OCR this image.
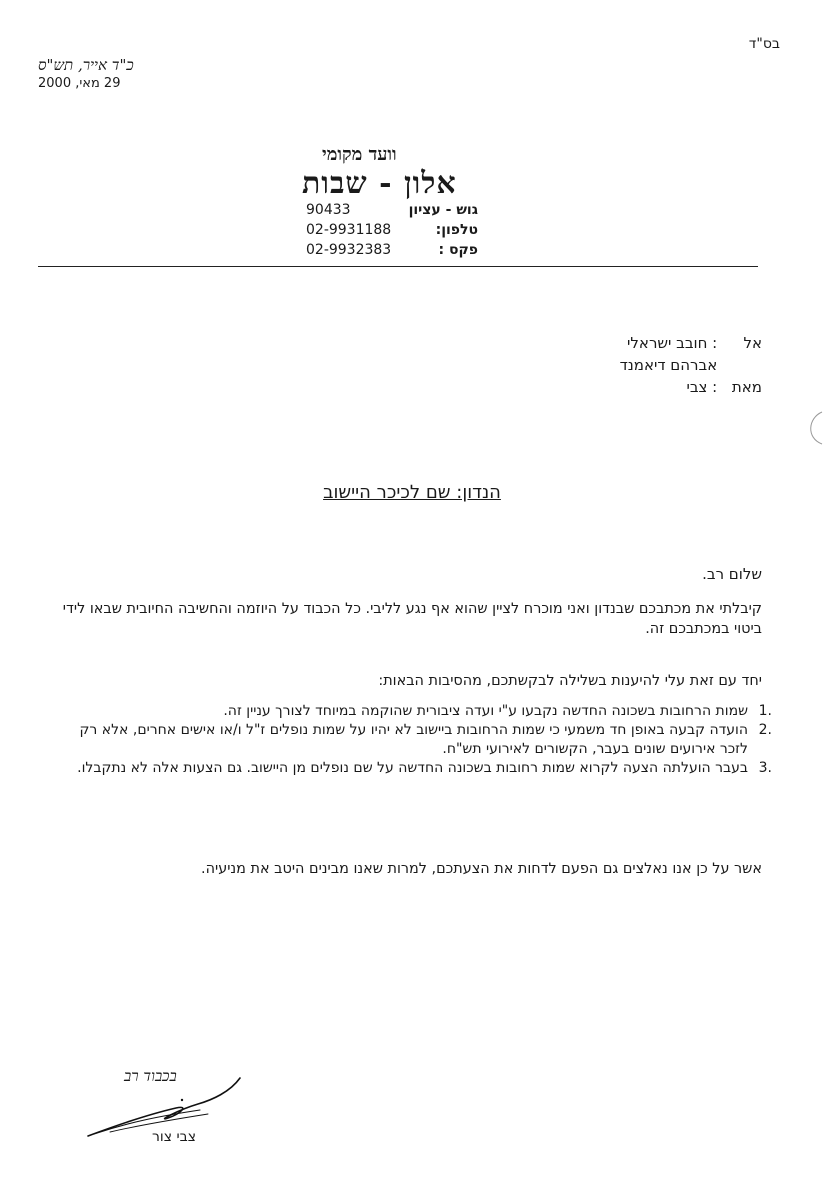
בס"ד
כ"ד אייר, תש"ס
29 מאי, 2000
וועד מקומי
אלון - שבות
גוש - עציון
90433
טלפון:
02-9931188
פקס :
02-9932383
אל : חובב ישראלי
אברהם דיאמנד
מאת : צבי
הנדון: שם לכיכר היישוב
שלום רב.
קיבלתי את מכתבכם שבנדון ואני מוכרח לציין שהוא אף נגע לליבי. כל הכבוד על היוזמה והחשיבה החיובית שבאו לידי ביטוי במכתבכם זה.
יחד עם זאת עלי להיענות בשלילה לבקשתכם, מהסיבות הבאות:
1.
שמות הרחובות בשכונה החדשה נקבעו ע"י ועדה ציבורית שהוקמה במיוחד לצורך עניין זה.
2.
הועדה קבעה באופן חד משמעי כי שמות הרחובות ביישוב לא יהיו על שמות נופלים ז"ל ו/או אישים אחרים, אלא רק לזכר אירועים שונים בעבר, הקשורים לאירועי תש"ח.
3.
בעבר הועלתה הצעה לקרוא שמות רחובות בשכונה החדשה על שם נופלים מן היישוב. גם הצעות אלה לא נתקבלו.
אשר על כן אנו נאלצים גם הפעם לדחות את הצעתכם, למרות שאנו מבינים היטב את מניעיה.
בכבוד רב
צבי צור
